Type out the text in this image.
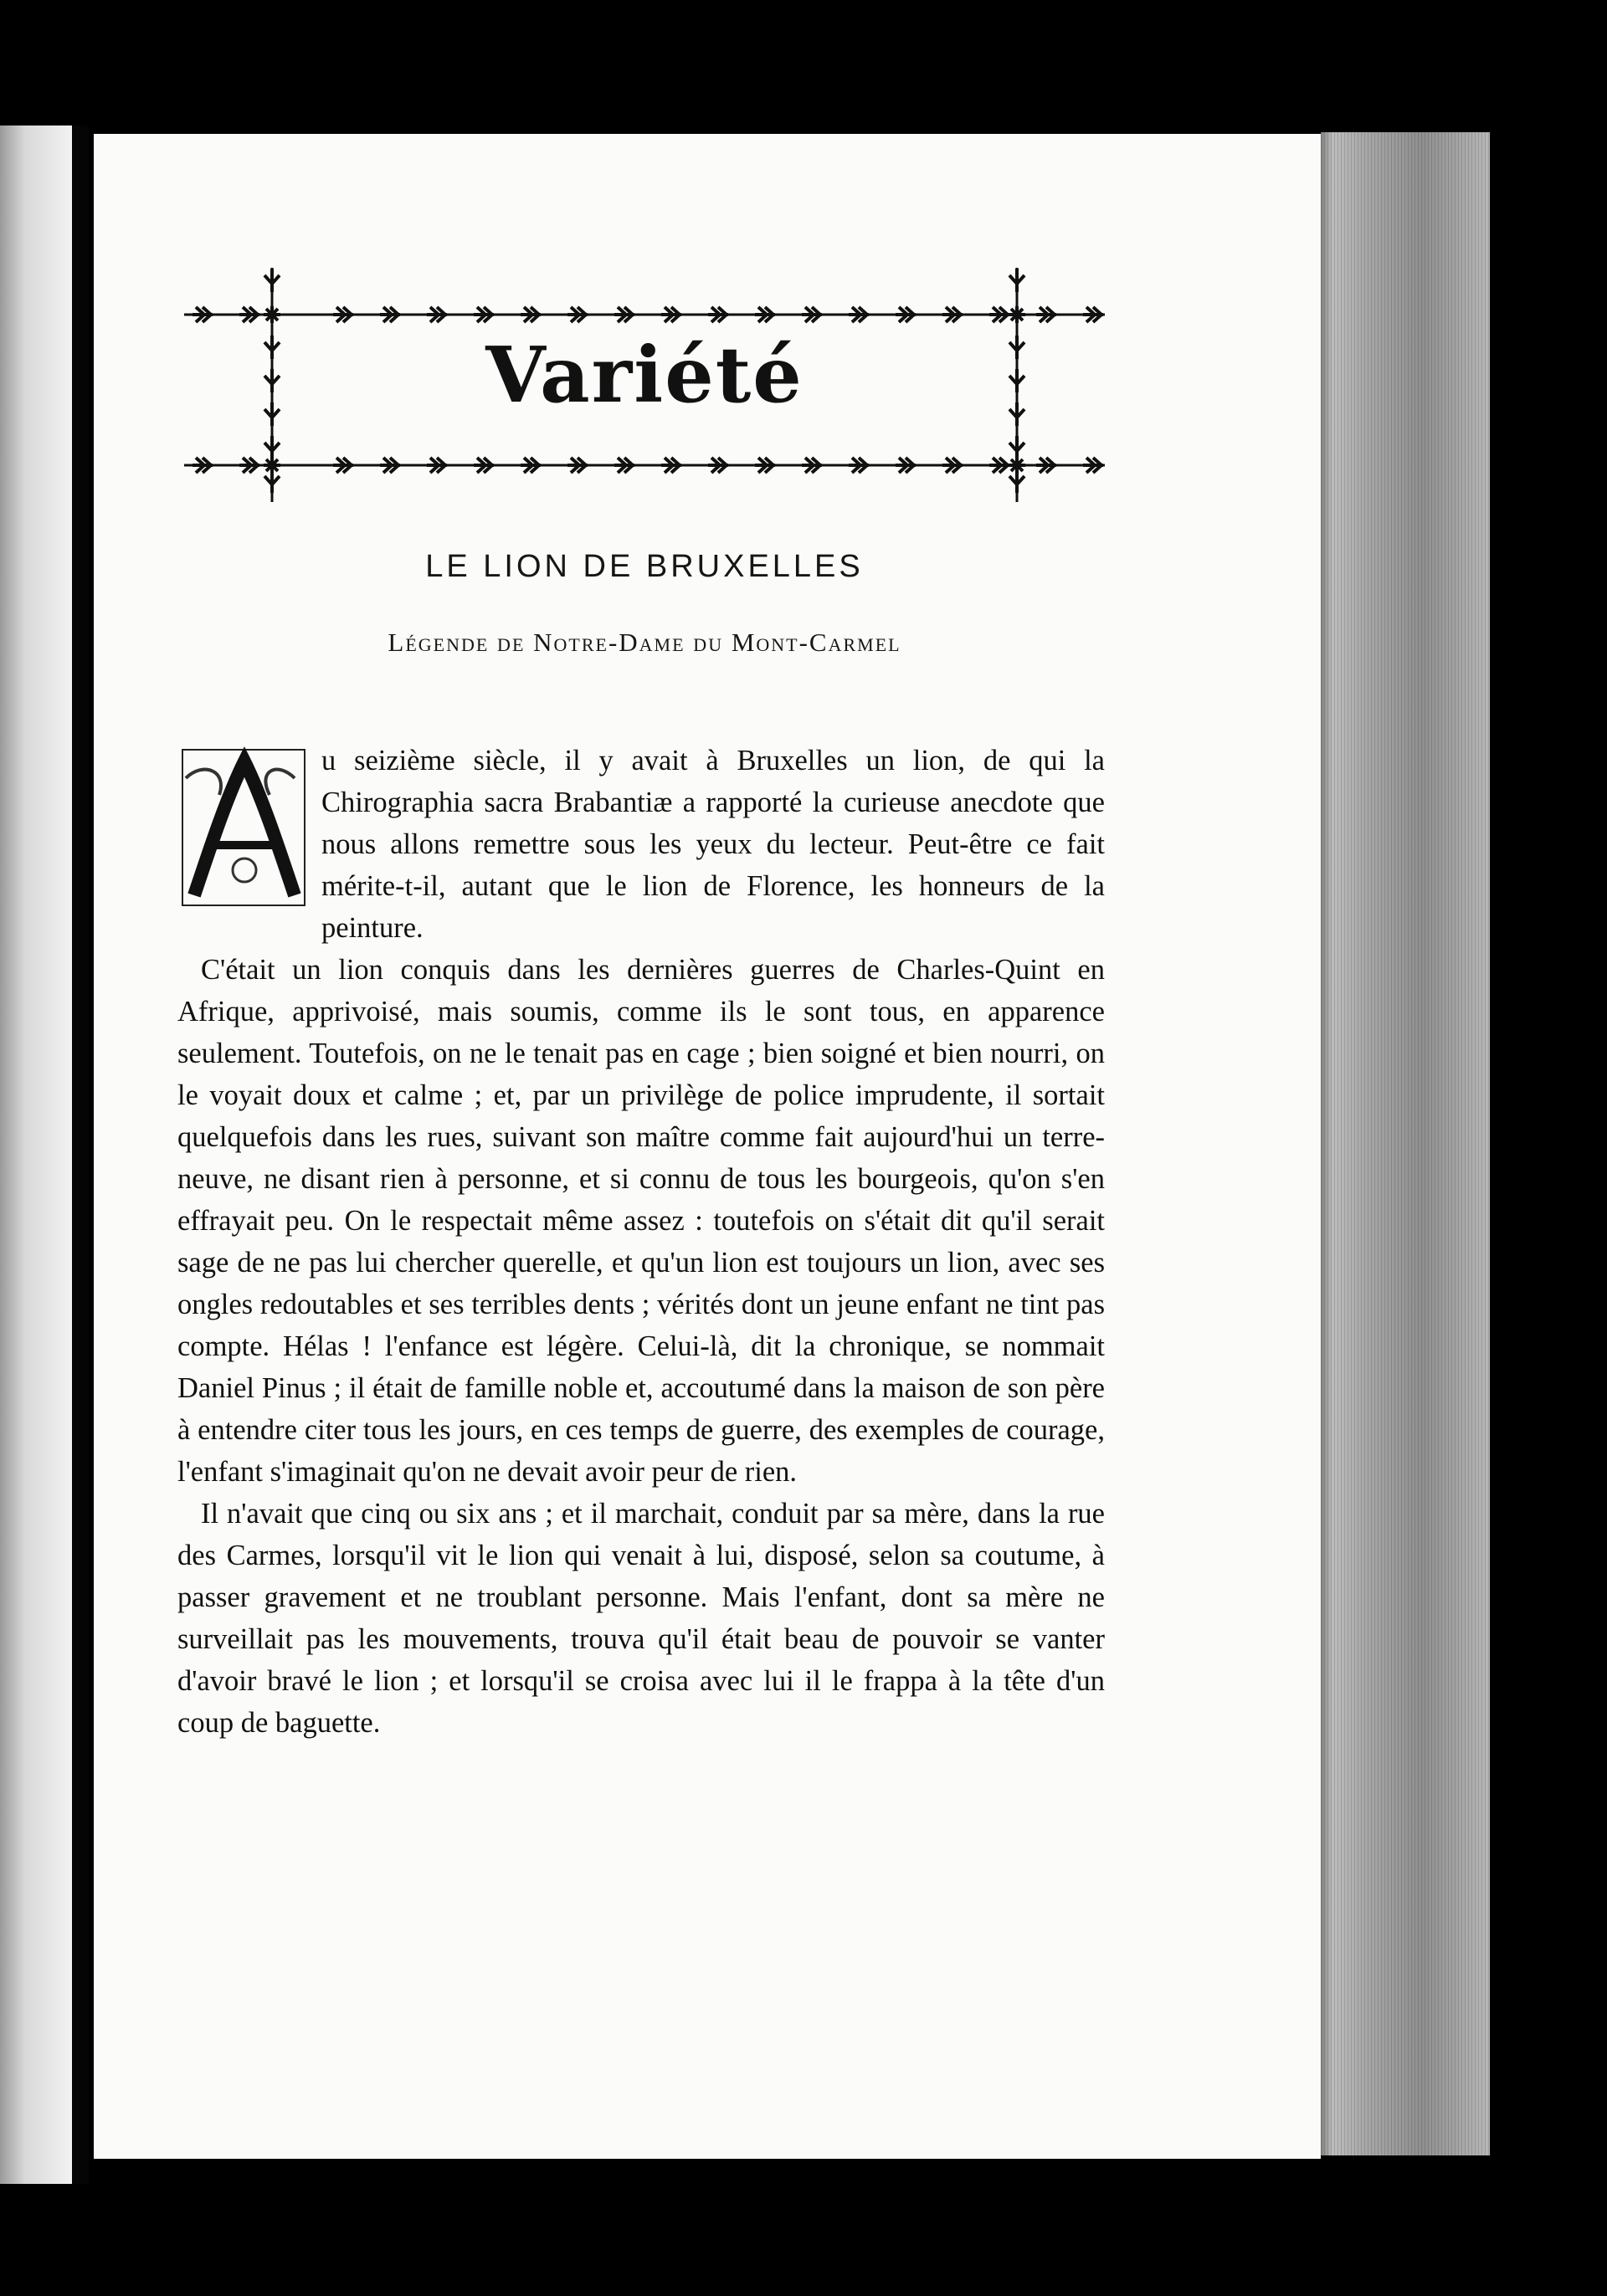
Variété
LE LION DE BRUXELLES
Légende de Notre-Dame du Mont-Carmel
A

u seizième siècle, il y avait à Bruxelles un lion, de qui la Chirographia sacra Brabantiæ a rapporté la curieuse anecdote que nous allons remettre sous les yeux du lecteur. Peut-être ce fait mérite-t-il, autant que le lion de Florence, les honneurs de la peinture.

C'était un lion conquis dans les dernières guerres de Charles-Quint en Afrique, apprivoisé, mais soumis, comme ils le sont tous, en apparence seulement. Toutefois, on ne le tenait pas en cage ; bien soigné et bien nourri, on le voyait doux et calme ; et, par un privilège de police imprudente, il sortait quelquefois dans les rues, suivant son maître comme fait aujourd'hui un terre-neuve, ne disant rien à personne, et si connu de tous les bourgeois, qu'on s'en effrayait peu. On le respectait même assez : toutefois on s'était dit qu'il serait sage de ne pas lui chercher querelle, et qu'un lion est toujours un lion, avec ses ongles redoutables et ses terribles dents ; vérités dont un jeune enfant ne tint pas compte. Hélas ! l'enfance est légère. Celui-là, dit la chronique, se nommait Daniel Pinus ; il était de famille noble et, accoutumé dans la maison de son père à entendre citer tous les jours, en ces temps de guerre, des exemples de courage, l'enfant s'imaginait qu'on ne devait avoir peur de rien.

Il n'avait que cinq ou six ans ; et il marchait, conduit par sa mère, dans la rue des Carmes, lorsqu'il vit le lion qui venait à lui, disposé, selon sa coutume, à passer gravement et ne troublant personne. Mais l'enfant, dont sa mère ne surveillait pas les mouvements, trouva qu'il était beau de pouvoir se vanter d'avoir bravé le lion ; et lorsqu'il se croisa avec lui il le frappa à la tête d'un coup de baguette.
